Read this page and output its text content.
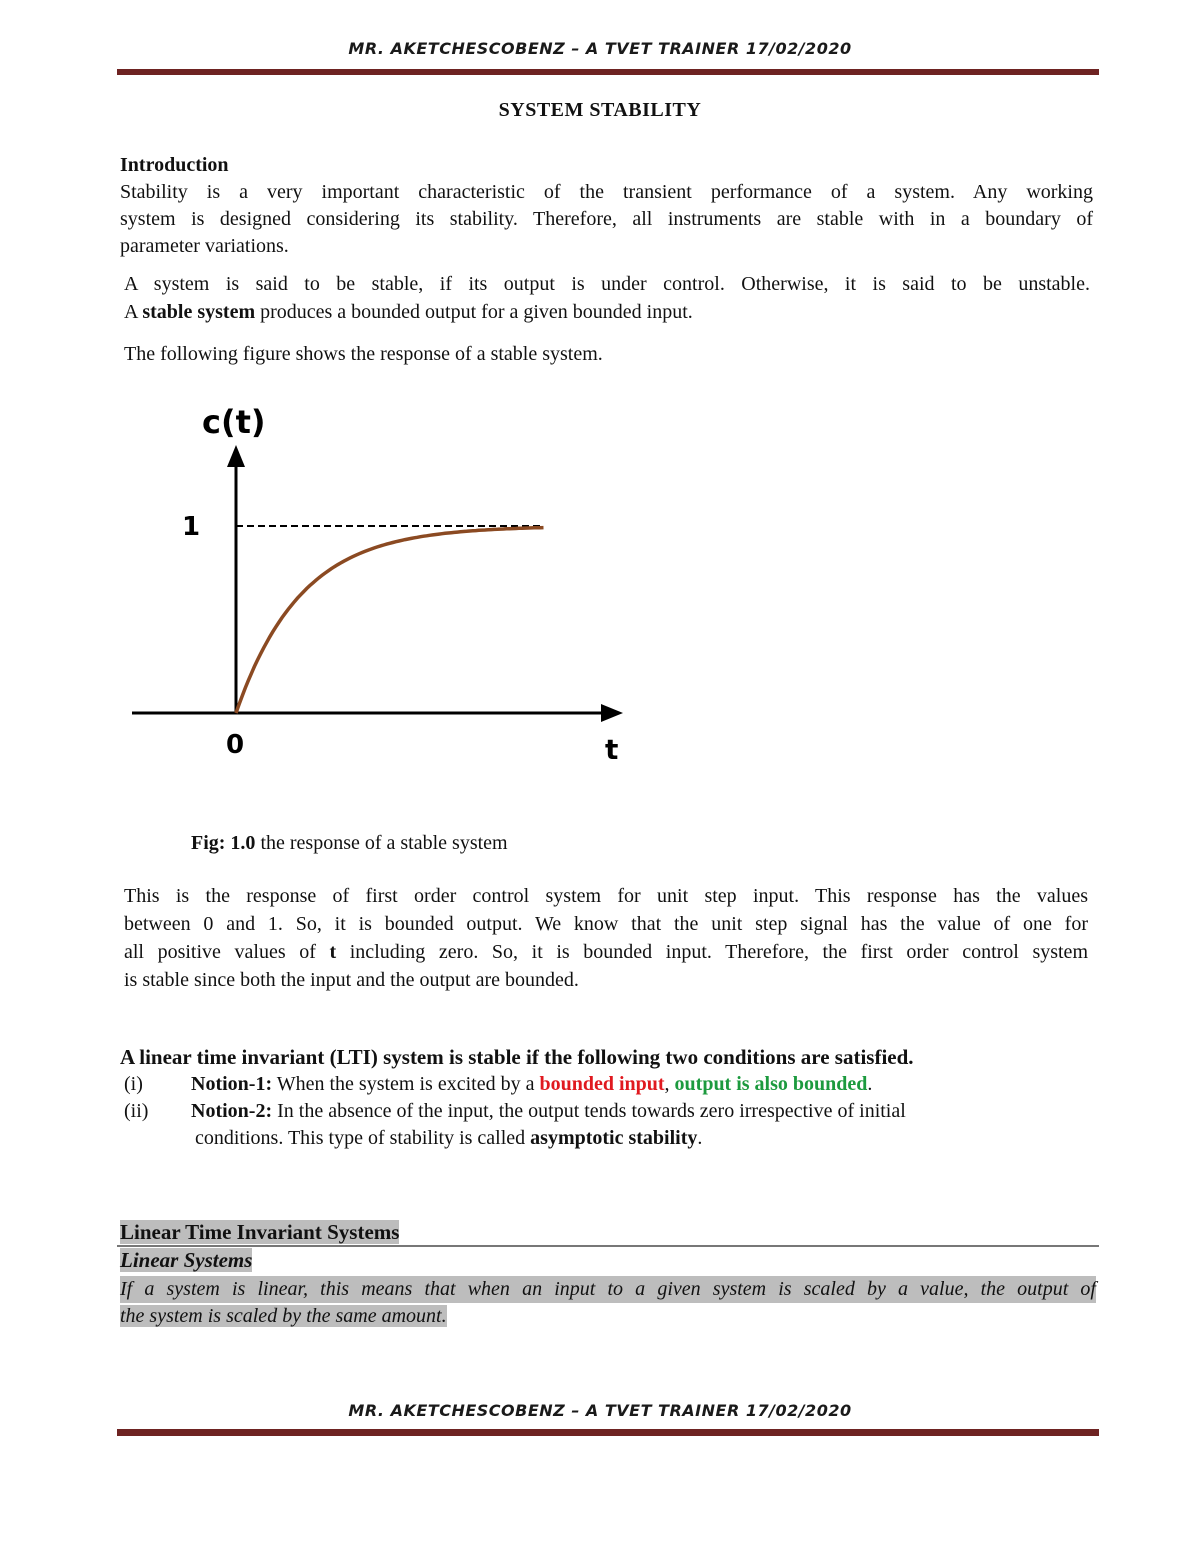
MR. AKETCHESCOBENZ – A TVET TRAINER 17/02/2020
SYSTEM STABILITY
Introduction
Stability is a very important characteristic of the transient performance of a system. Any working
system is designed considering its stability. Therefore, all instruments are stable with in a boundary of
parameter variations.
A system is said to be stable, if its output is under control. Otherwise, it is said to be unstable.
A stable system produces a bounded output for a given bounded input.
The following figure shows the response of a stable system.
c(t)
1
0	t
Fig: 1.0 the response of a stable system
This is the response of first order control system for unit step input. This response has the values
between 0 and 1. So, it is bounded output. We know that the unit step signal has the value of one for
all positive values of t including zero. So, it is bounded input. Therefore, the first order control system
is stable since both the input and the output are bounded.
A linear time invariant (LTI) system is stable if the following two conditions are satisfied.
(i) Notion-1: When the system is excited by a bounded input, output is also bounded.
(ii) Notion-2: In the absence of the input, the output tends towards zero irrespective of initial
conditions. This type of stability is called asymptotic stability.
Linear Time Invariant Systems
Linear Systems
If a system is linear, this means that when an input to a given system is scaled by a value, the output of
the system is scaled by the same amount.
MR. AKETCHESCOBENZ – A TVET TRAINER 17/02/2020
